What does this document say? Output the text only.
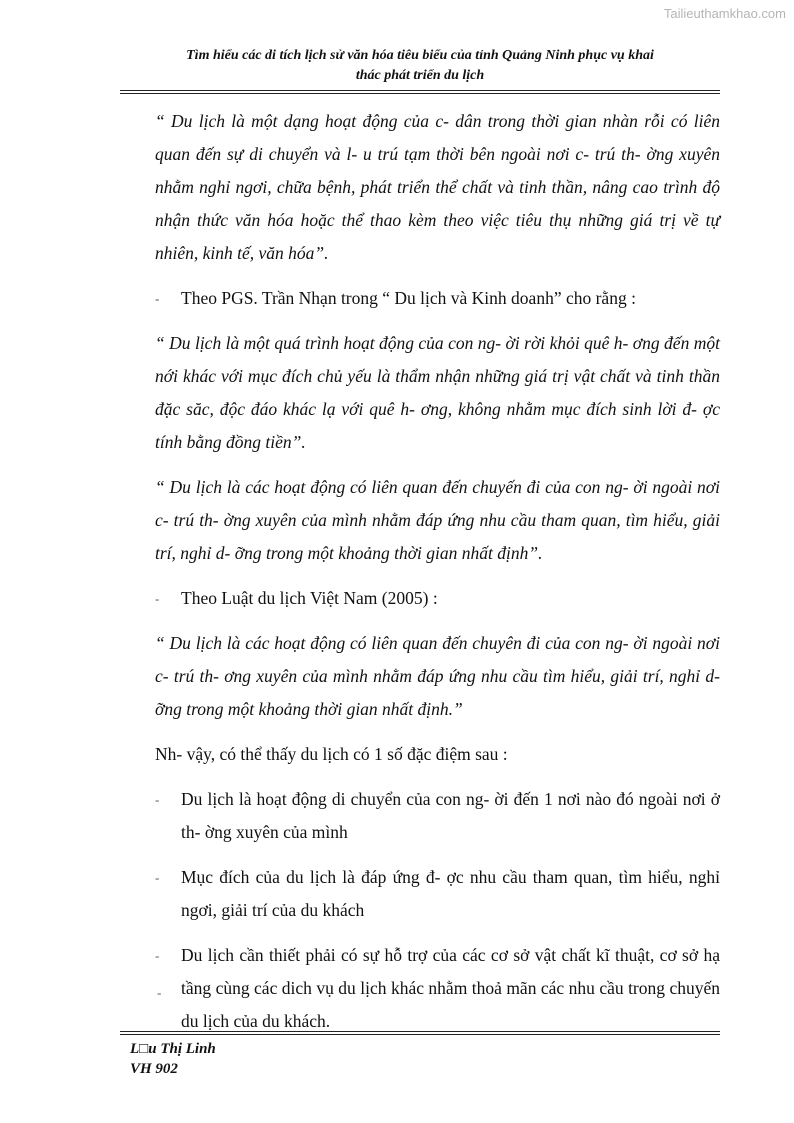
Tailieuthamkhao.com
Tìm hiểu các di tích lịch sử văn hóa tiêu biểu của tỉnh Quảng Ninh phục vụ khai
thác phát triển du lịch

“ Du lịch là một dạng hoạt động của c- dân trong thời gian nhàn rỗi có liên quan đến sự di chuyển và l- u trú tạm thời bên ngoài nơi c- trú th- ờng xuyên nhằm nghỉ ngơi, chữa bệnh, phát triển thể chất và tinh thần, nâng cao trình độ nhận thức văn hóa hoặc thể thao kèm theo việc tiêu thụ những giá trị về tự nhiên, kinh tế, văn hóa”.

- Theo PGS. Trần Nhạn trong “ Du lịch và Kinh doanh” cho rằng :

“ Du lịch là một quá trình hoạt động của con ng- ời rời khỏi quê h- ơng đến một nới khác với mục đích chủ yếu là thẩm nhận những giá trị vật chất và tinh thần đặc săc, độc đáo khác lạ với quê h- ơng, không nhằm mục đích sinh lời đ- ợc tính bằng đồng tiền”.

“ Du lịch là các hoạt động có liên quan đến chuyến đi của con ng- ời ngoài nơi c- trú th- ờng xuyên của mình nhằm đáp ứng nhu cầu tham quan, tìm hiểu, giải trí, nghỉ d- ỡng trong một khoảng thời gian nhất định”.

- Theo Luật du lịch Việt Nam (2005) :

“ Du lịch là các hoạt động có liên quan đến chuyên đi của con ng- ời ngoài nơi c- trú th- ơng xuyên của mình nhằm đáp ứng nhu cầu tìm hiểu, giải trí, nghỉ d- ỡng trong một khoảng thời gian nhất định.”

Nh- vậy, có thể thấy du lịch có 1 số đặc điệm sau :

- Du lịch là hoạt động di chuyển của con ng- ời đến 1 nơi nào đó ngoài nơi ở th- ờng xuyên của mình
- Mục đích của du lịch là đáp ứng đ- ợc nhu cầu tham quan, tìm hiểu, nghỉ ngơi, giải trí của du khách
- Du lịch cần thiết phải có sự hỗ trợ của các cơ sở vật chất kĩ thuật, cơ sở hạ tầng cùng các dich vụ du lịch khác nhằm thoả mãn các nhu cầu trong chuyến du lịch của du khách.
-
L□u Thị Linh
VH 902
